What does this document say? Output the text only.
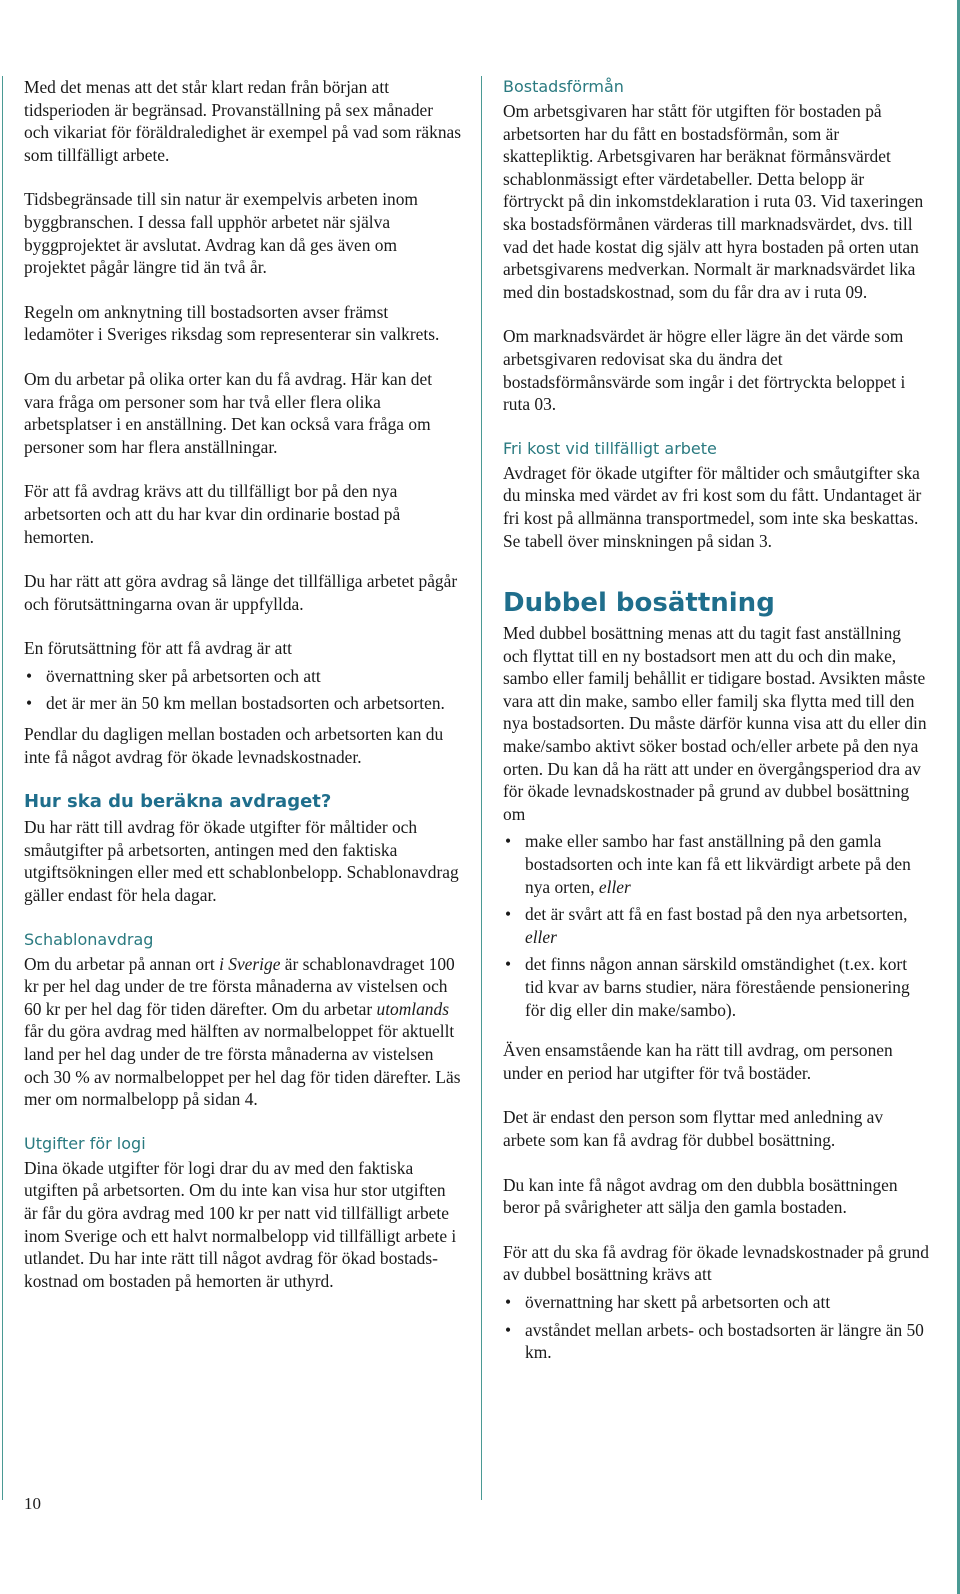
Med det menas att det står klart redan från början att tidsperioden är begränsad. Provanställning på sex månader och vikariat för föräldraledighet är exempel på vad som räknas som tillfälligt arbete.

Tidsbegränsade till sin natur är exempelvis arbeten inom byggbranschen. I dessa fall upphör arbetet när själva byggprojektet är avslutat. Avdrag kan då ges även om projektet pågår längre tid än två år.

Regeln om anknytning till bostadsorten avser främst ledamöter i Sveriges riksdag som representerar sin valkrets.

Om du arbetar på olika orter kan du få avdrag. Här kan det vara fråga om personer som har två eller flera olika arbetsplatser i en anställning. Det kan också vara fråga om personer som har flera anställningar.

För att få avdrag krävs att du tillfälligt bor på den nya arbetsorten och att du har kvar din ordinarie bostad på hemorten.

Du har rätt att göra avdrag så länge det tillfälliga arbetet pågår och förutsättningarna ovan är uppfyllda.

En förutsättning för att få avdrag är att

• övernattning sker på arbetsorten och att
• det är mer än 50 km mellan bostadsorten och arbetsorten.

Pendlar du dagligen mellan bostaden och arbetsorten kan du inte få något avdrag för ökade levnadskostnader.

Hur ska du beräkna avdraget?

Du har rätt till avdrag för ökade utgifter för måltider och småutgifter på arbetsorten, antingen med den faktiska utgiftsökningen eller med ett schablonbelopp. Schablonavdrag gäller endast för hela dagar.

Schablonavdrag

Om du arbetar på annan ort i Sverige är schablonavdraget 100 kr per hel dag under de tre första månaderna av vistelsen och 60 kr per hel dag för tiden därefter. Om du arbetar utomlands får du göra avdrag med hälften av normalbeloppet för aktuellt land per hel dag under de tre första månaderna av vistelsen och 30 % av normalbeloppet per hel dag för tiden därefter. Läs mer om normalbelopp på sidan 4.

Utgifter för logi

Dina ökade utgifter för logi drar du av med den faktiska utgiften på arbetsorten. Om du inte kan visa hur stor utgiften är får du göra avdrag med 100 kr per natt vid tillfälligt arbete inom Sverige och ett halvt normalbelopp vid tillfälligt arbete i utlandet. Du har inte rätt till något avdrag för ökad bostadskostnad om bostaden på hemorten är uthyrd.

Bostadsförmån

Om arbetsgivaren har stått för utgiften för bostaden på arbetsorten har du fått en bostadsförmån, som är skattepliktig. Arbetsgivaren har beräknat förmånsvärdet schablonmässigt efter värdetabeller. Detta belopp är förtryckt på din inkomstdeklaration i ruta 03. Vid taxeringen ska bostadsförmånen värderas till marknadsvärdet, dvs. till vad det hade kostat dig själv att hyra bostaden på orten utan arbetsgivarens medverkan. Normalt är marknadsvärdet lika med din bostadskostnad, som du får dra av i ruta 09.

Om marknadsvärdet är högre eller lägre än det värde som arbetsgivaren redovisat ska du ändra det bostadsförmånsvärde som ingår i det förtryckta beloppet i ruta 03.

Fri kost vid tillfälligt arbete

Avdraget för ökade utgifter för måltider och småutgifter ska du minska med värdet av fri kost som du fått. Undantaget är fri kost på allmänna transportmedel, som inte ska beskattas. Se tabell över minskningen på sidan 3.

Dubbel bosättning

Med dubbel bosättning menas att du tagit fast anställning och flyttat till en ny bostadsort men att du och din make, sambo eller familj behållit er tidigare bostad. Avsikten måste vara att din make, sambo eller familj ska flytta med till den nya bostadsorten. Du måste därför kunna visa att du eller din make/sambo aktivt söker bostad och/eller arbete på den nya orten. Du kan då ha rätt att under en övergångsperiod dra av för ökade levnadskostnader på grund av dubbel bosättning om

• make eller sambo har fast anställning på den gamla bostadsorten och inte kan få ett likvärdigt arbete på den nya orten, eller
• det är svårt att få en fast bostad på den nya arbetsorten, eller
• det finns någon annan särskild omständighet (t.ex. kort tid kvar av barns studier, nära förestående pensionering för dig eller din make/sambo).

Även ensamstående kan ha rätt till avdrag, om personen under en period har utgifter för två bostäder.

Det är endast den person som flyttar med anledning av arbete som kan få avdrag för dubbel bosättning.

Du kan inte få något avdrag om den dubbla bosättningen beror på svårigheter att sälja den gamla bostaden.

För att du ska få avdrag för ökade levnadskostnader på grund av dubbel bosättning krävs att

• övernattning har skett på arbetsorten och att
• avståndet mellan arbets- och bostadsorten är längre än 50 km.
10
